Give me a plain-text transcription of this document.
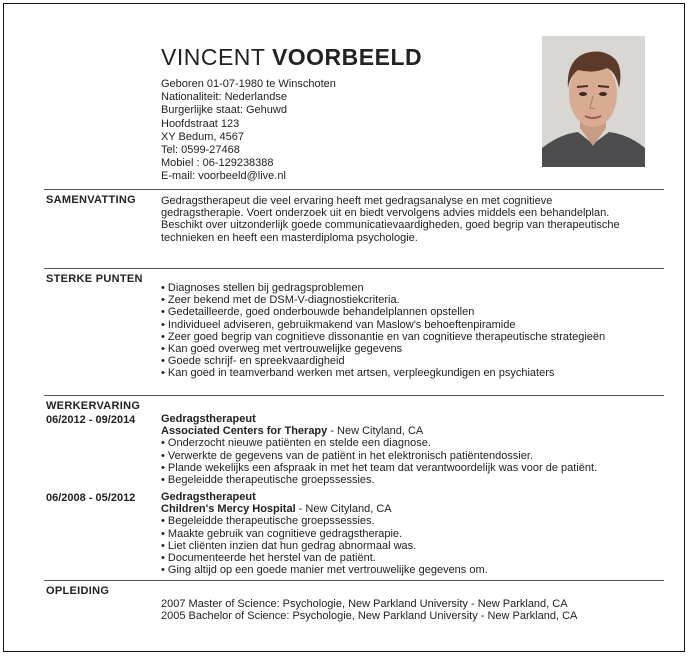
VINCENT VOORBEELD
Geboren 01-07-1980 te Winschoten
Nationaliteit: Nederlandse
Burgerlijke staat: Gehuwd
Hoofdstraat 123
XY Bedum, 4567
Tel: 0599-27468
Mobiel : 06-129238388
E-mail: voorbeeld@live.nl
SAMENVATTING Gedragstherapeut die veel ervaring heeft met gedragsanalyse en met cognitieve gedragstherapie. Voert onderzoek uit en biedt vervolgens advies middels een behandelplan. Beschikt over uitzonderlijk goede communicatievaardigheden, goed begrip van therapeutische technieken en heeft een masterdiploma psychologie.
STERKE PUNTEN
• Diagnoses stellen bij gedragsproblemen
• Zeer bekend met de DSM-V-diagnostiekcriteria.
• Gedetailleerde, goed onderbouwde behandelplannen opstellen
• Individueel adviseren, gebruikmakend van Maslow's behoeftenpiramide
• Zeer goed begrip van cognitieve dissonantie en van cognitieve therapeutische strategieën
• Kan goed overweg met vertrouwelijke gegevens
• Goede schrijf- en spreekvaardigheid
• Kan goed in teamverband werken met artsen, verpleegkundigen en psychiaters
WERKERVARING
06/2012 - 09/2014 Gedragstherapeut
Associated Centers for Therapy - New Cityland, CA
• Onderzocht nieuwe patiënten en stelde een diagnose.
• Verwerkte de gegevens van de patiënt in het elektronisch patiëntendossier.
• Plande wekelijks een afspraak in met het team dat verantwoordelijk was voor de patiënt.
• Begeleidde therapeutische groepssessies.
06/2008 - 05/2012 Gedragstherapeut
Children's Mercy Hospital - New Cityland, CA
• Begeleidde therapeutische groepssessies.
• Maakte gebruik van cognitieve gedragstherapie.
• Liet cliënten inzien dat hun gedrag abnormaal was.
• Documenteerde het herstel van de patiënt.
• Ging altijd op een goede manier met vertrouwelijke gegevens om.
OPLEIDING
2007 Master of Science: Psychologie, New Parkland University - New Parkland, CA
2005 Bachelor of Science: Psychologie, New Parkland University - New Parkland, CA
